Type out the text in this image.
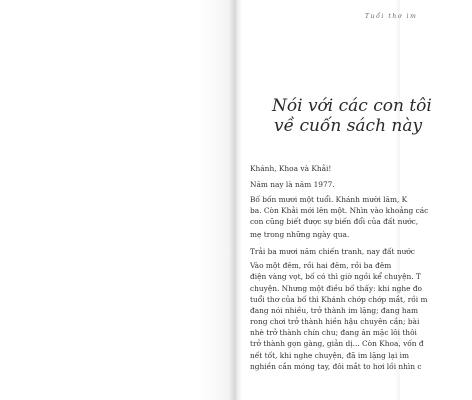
Tuổi thơ im
Nói với các con tôi
về cuốn sách này
Khánh, Khoa và Khải!
Năm nay là năm 1977.
Bố bốn mươi một tuổi. Khánh mười lăm, K
ba. Còn Khải mới lên một. Nhìn vào khoảng các
con cũng biết được sự biến đổi của đất nước,
mẹ trong những ngày qua.
Trải ba mươi năm chiến tranh, nay đất nước
Vào một đêm, rồi hai đêm, rồi ba đêm
điện vàng vọt, bố có thì giờ ngồi kể chuyện. T
chuyện. Nhưng một điều bố thấy: khi nghe đo
tuổi thơ của bố thì Khánh chớp chớp mắt, rồi m
đang nói nhiều, trở thành im lặng; đang ham
rong chơi trở thành hiền hậu chuyên cần; bài
nhè trở thành chín chu; đang ăn mặc lôi thôi
trở thành gọn gàng, giản dị... Còn Khoa, vốn đ
nết tốt, khi nghe chuyện, đã im lặng lại im
nghiền cắn móng tay, đôi mắt to hơi lồi nhìn c
